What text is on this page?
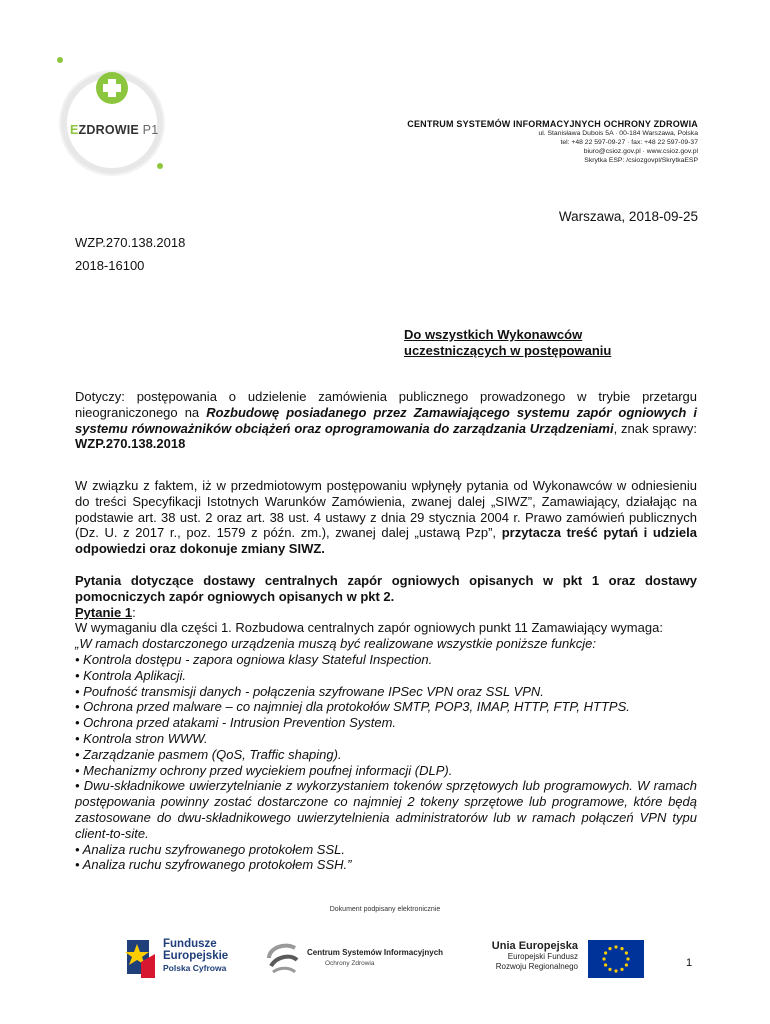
EZDROWIE P1	CENTRUM SYSTEMÓW INFORMACYJNYCH OCHRONY ZDROWIA
ul. Stanisława Dubois 5A · 00-184 Warszawa, Polska
tel: +48 22 597-09-27 · fax: +48 22 597-09-37
biuro@csioz.gov.pl · www.csioz.gov.pl
Skrytka ESP: /csiozgovpl/SkrytkaESP
Warszawa, 2018-09-25
WZP.270.138.2018
2018-16100
Do wszystkich Wykonawców
uczestniczących w postępowaniu
Dotyczy: postępowania o udzielenie zamówienia publicznego prowadzonego w trybie przetargu nieograniczonego na Rozbudowę posiadanego przez Zamawiającego systemu zapór ogniowych i systemu równoważników obciążeń oraz oprogramowania do zarządzania Urządzeniami, znak sprawy: WZP.270.138.2018
W związku z faktem, iż w przedmiotowym postępowaniu wpłynęły pytania od Wykonawców w odniesieniu do treści Specyfikacji Istotnych Warunków Zamówienia, zwanej dalej „SIWZ”, Zamawiający, działając na podstawie art. 38 ust. 2 oraz art. 38 ust. 4 ustawy z dnia 29 stycznia 2004 r. Prawo zamówień publicznych (Dz. U. z 2017 r., poz. 1579 z późn. zm.), zwanej dalej „ustawą Pzp”, przytacza treść pytań i udziela odpowiedzi oraz dokonuje zmiany SIWZ.
Pytania dotyczące dostawy centralnych zapór ogniowych opisanych w pkt 1 oraz dostawy pomocniczych zapór ogniowych opisanych w pkt 2.
Pytanie 1:
W wymaganiu dla części 1. Rozbudowa centralnych zapór ogniowych punkt 11 Zamawiający wymaga:
„W ramach dostarczonego urządzenia muszą być realizowane wszystkie poniższe funkcje:
• Kontrola dostępu - zapora ogniowa klasy Stateful Inspection.
• Kontrola Aplikacji.
• Poufność transmisji danych - połączenia szyfrowane IPSec VPN oraz SSL VPN.
• Ochrona przed malware – co najmniej dla protokołów SMTP, POP3, IMAP, HTTP, FTP, HTTPS.
• Ochrona przed atakami - Intrusion Prevention System.
• Kontrola stron WWW.
• Zarządzanie pasmem (QoS, Traffic shaping).
• Mechanizmy ochrony przed wyciekiem poufnej informacji (DLP).
• Dwu-składnikowe uwierzytelnianie z wykorzystaniem tokenów sprzętowych lub programowych. W ramach postępowania powinny zostać dostarczone co najmniej 2 tokeny sprzętowe lub programowe, które będą zastosowane do dwu-składnikowego uwierzytelnienia administratorów lub w ramach połączeń VPN typu client-to-site.
• Analiza ruchu szyfrowanego protokołem SSL.
• Analiza ruchu szyfrowanego protokołem SSH.”
Dokument podpisany elektronicznie
Fundusze
Europejskie
Polska Cyfrowa
Centrum Systemów Informacyjnych
Ochrony Zdrowia
Unia Europejska
Europejski Fundusz
Rozwoju Regionalnego	1
